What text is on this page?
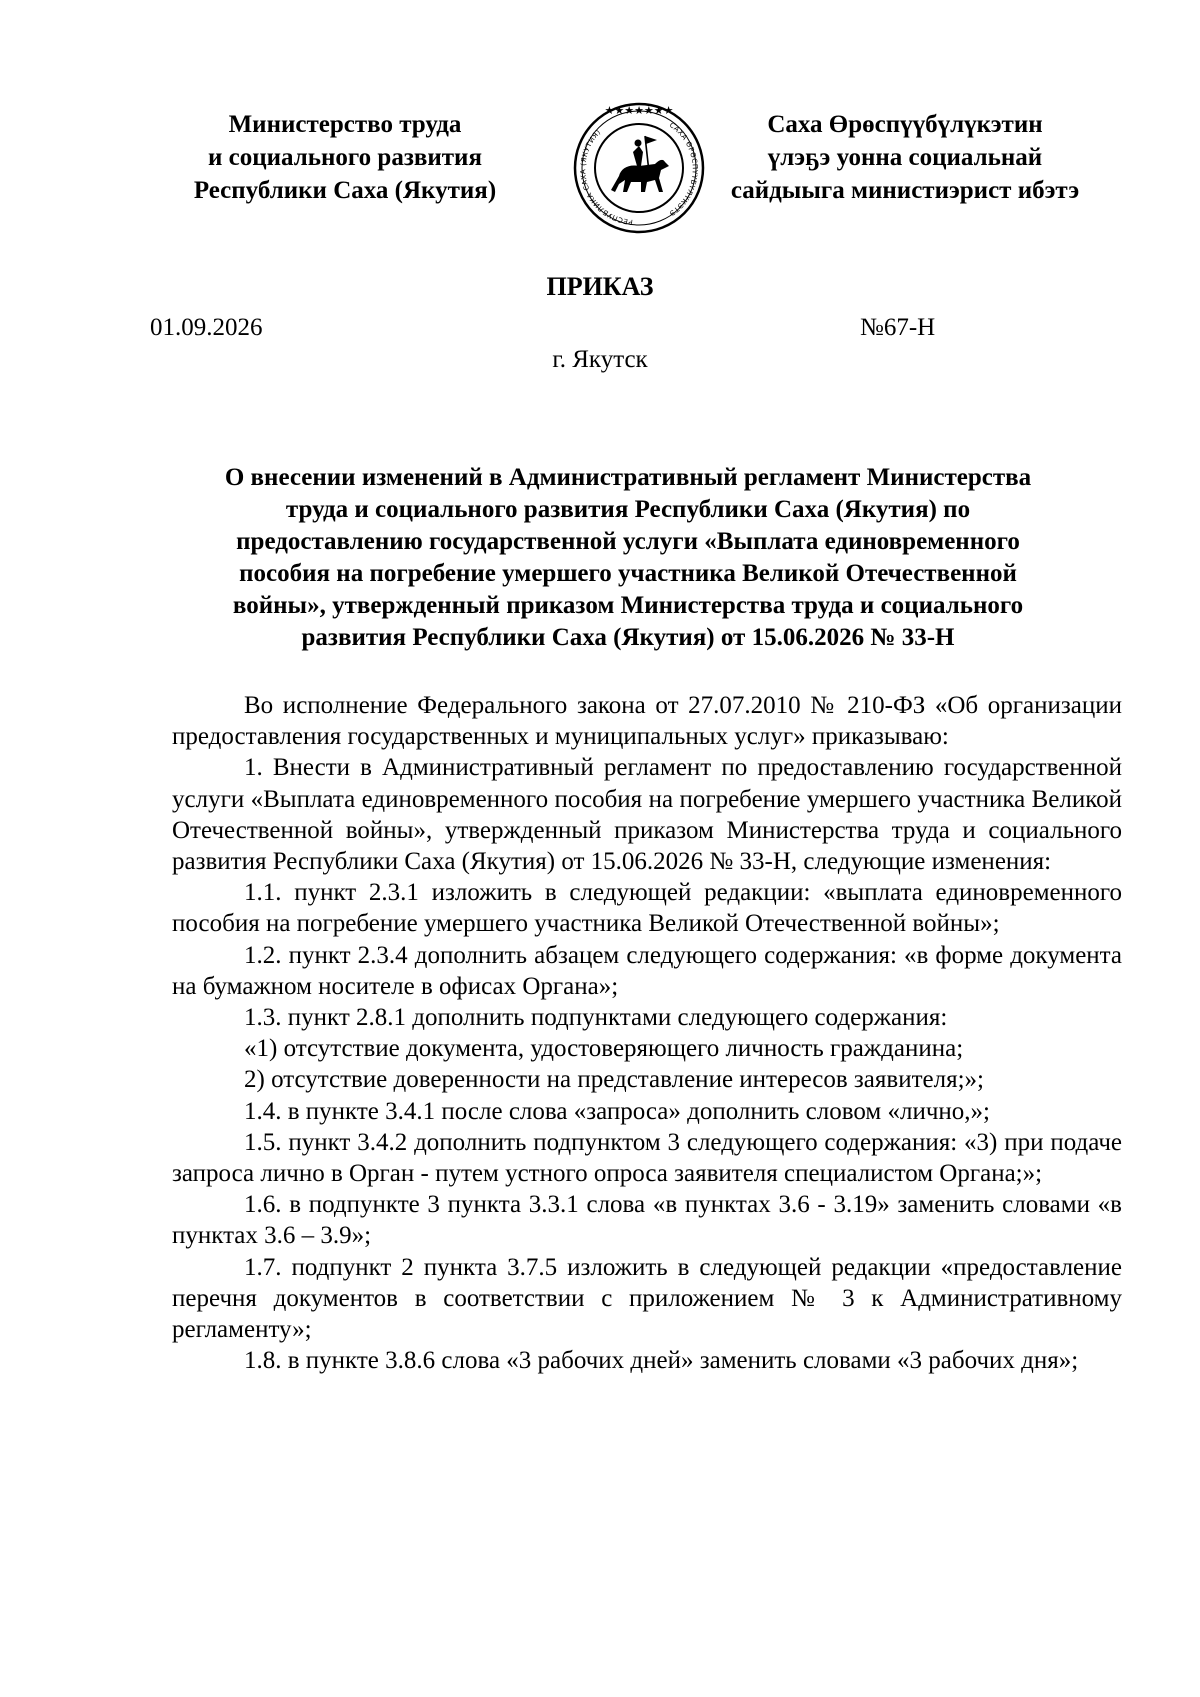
Министерство труда
и социального развития
Республики Саха (Якутия)
★★★★★★★
РЕСПУБЛИКА САХА (ЯКУТИЯ)
САХА ӨРӨСПҮҮБҮЛҮКЭТЭ
Саха Өрөспүүбүлүкэтин
үлэҕэ уонна социальнай
сайдыыга министиэрист ибэтэ
ПРИКАЗ
01.09.2026	№67-Н
г. Якутск
О внесении изменений в Административный регламент Министерства
труда и социального развития Республики Саха (Якутия) по
предоставлению государственной услуги «Выплата единовременного
пособия на погребение умершего участника Великой Отечественной
войны», утвержденный приказом Министерства труда и социального
развития Республики Саха (Якутия) от 15.06.2026 № 33-Н

Во исполнение Федерального закона от 27.07.2010 № 210-ФЗ «Об организации предоставления государственных и муниципальных услуг» приказываю:

1. Внести в Административный регламент по предоставлению государственной услуги «Выплата единовременного пособия на погребение умершего участника Великой Отечественной войны», утвержденный приказом Министерства труда и социального развития Республики Саха (Якутия) от 15.06.2026 № 33-Н, следующие изменения:

1.1. пункт 2.3.1 изложить в следующей редакции: «выплата единовременного пособия на погребение умершего участника Великой Отечественной войны»;

1.2. пункт 2.3.4 дополнить абзацем следующего содержания: «в форме документа на бумажном носителе в офисах Органа»;

1.3. пункт 2.8.1 дополнить подпунктами следующего содержания:

«1) отсутствие документа, удостоверяющего личность гражданина;

2) отсутствие доверенности на представление интересов заявителя;»;

1.4. в пункте 3.4.1 после слова «запроса» дополнить словом «лично,»;

1.5. пункт 3.4.2 дополнить подпунктом 3 следующего содержания: «3) при подаче запроса лично в Орган - путем устного опроса заявителя специалистом Органа;»;

1.6. в подпункте 3 пункта 3.3.1 слова «в пунктах 3.6 - 3.19» заменить словами «в пунктах 3.6 – 3.9»;

1.7. подпункт 2 пункта 3.7.5 изложить в следующей редакции «предоставление перечня документов в соответствии с приложением № 3 к Административному регламенту»;

1.8. в пункте 3.8.6 слова «3 рабочих дней» заменить словами «3 рабочих дня»;
